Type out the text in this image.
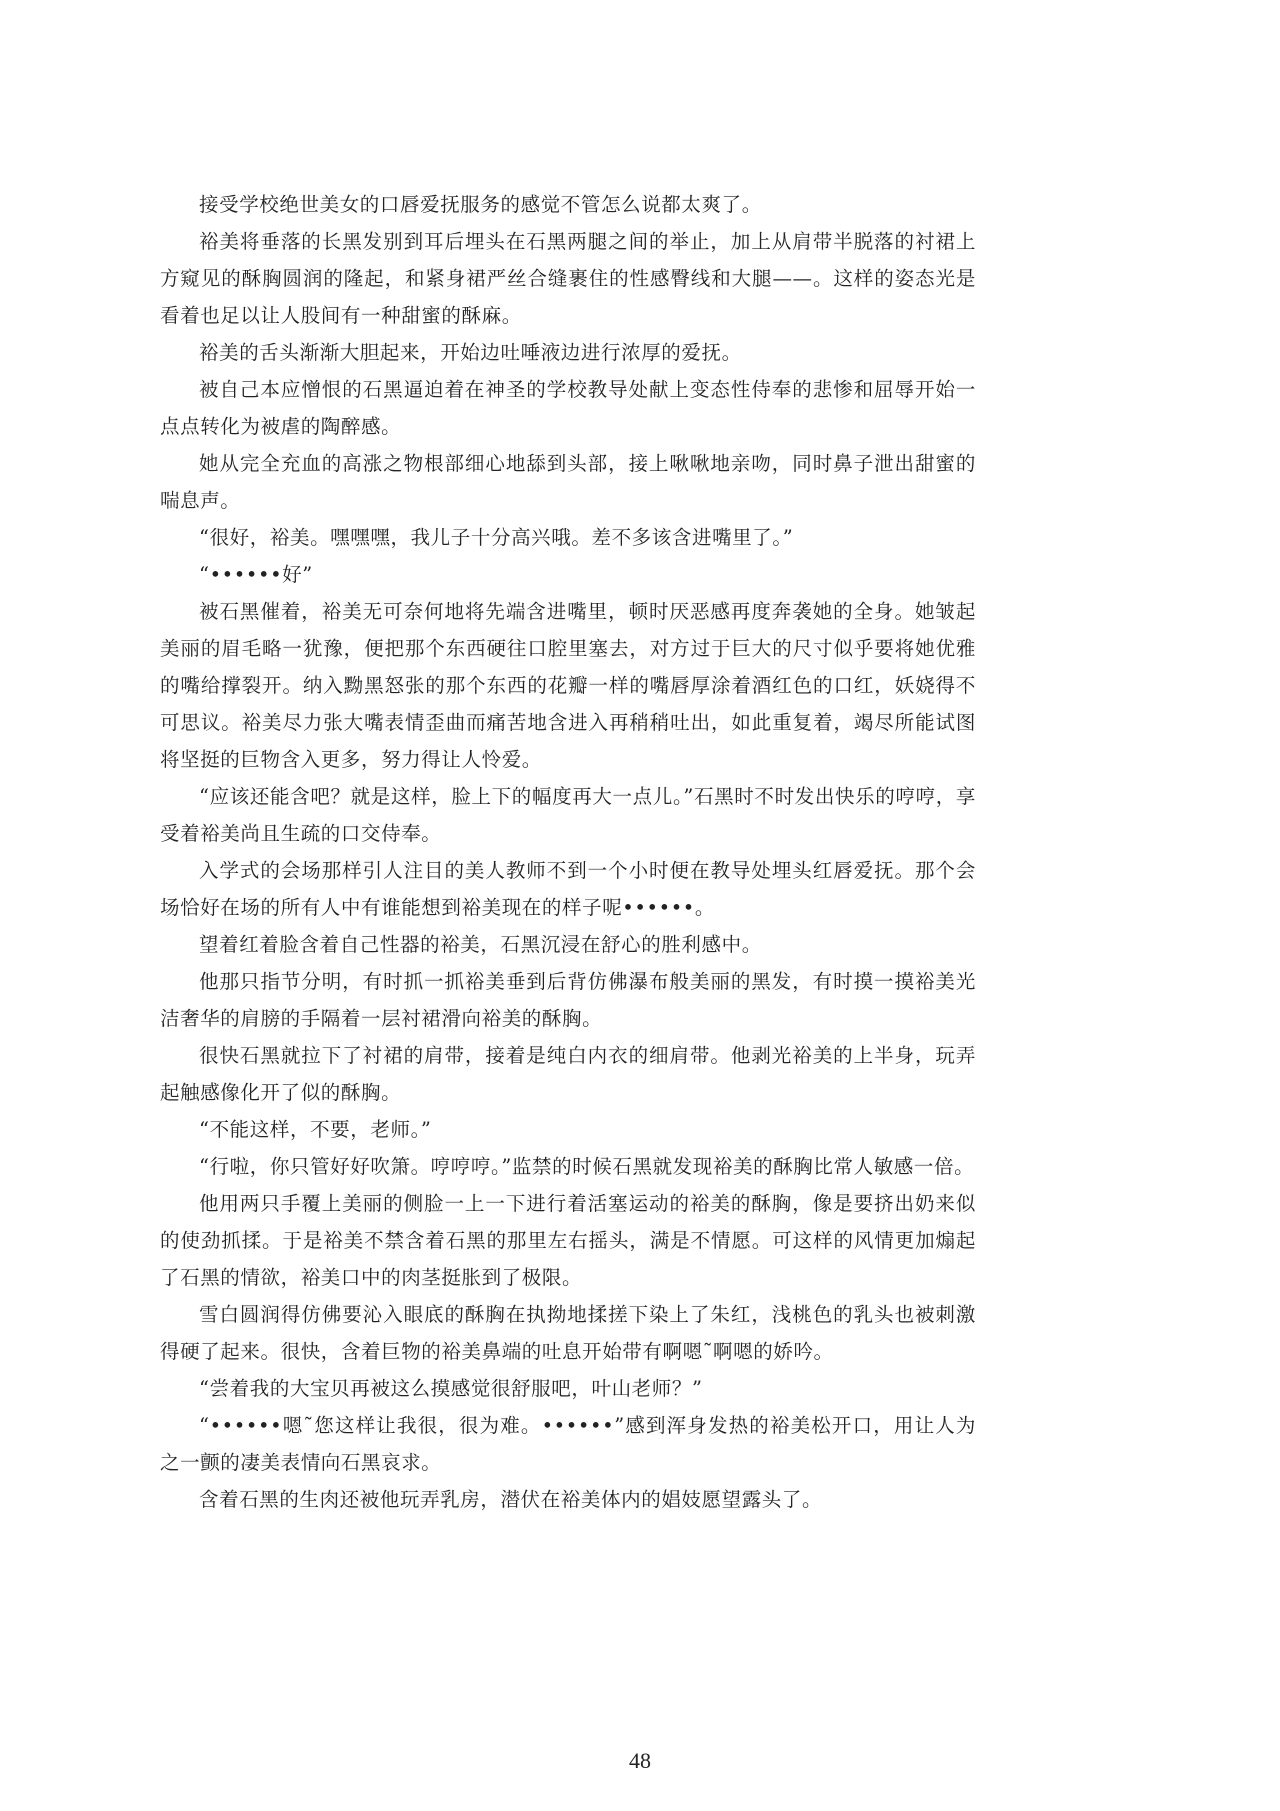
接受学校绝世美女的口唇爱抚服务的感觉不管怎么说都太爽了。

裕美将垂落的长黑发别到耳后埋头在石黑两腿之间的举止，加上从肩带半脱落的衬裙上方窥见的酥胸圆润的隆起，和紧身裙严丝合缝裹住的性感臀线和大腿——。这样的姿态光是看着也足以让人股间有一种甜蜜的酥麻。

裕美的舌头渐渐大胆起来，开始边吐唾液边进行浓厚的爱抚。

被自己本应憎恨的石黑逼迫着在神圣的学校教导处献上变态性侍奉的悲惨和屈辱开始一点点转化为被虐的陶醉感。

她从完全充血的高涨之物根部细心地舔到头部，接上啾啾地亲吻，同时鼻子泄出甜蜜的喘息声。

“很好，裕美。嘿嘿嘿，我儿子十分高兴哦。差不多该含进嘴里了。”

“••••••好”

被石黑催着，裕美无可奈何地将先端含进嘴里，顿时厌恶感再度奔袭她的全身。她皱起美丽的眉毛略一犹豫，便把那个东西硬往口腔里塞去，对方过于巨大的尺寸似乎要将她优雅的嘴给撑裂开。纳入黝黑怒张的那个东西的花瓣一样的嘴唇厚涂着酒红色的口红，妖娆得不可思议。裕美尽力张大嘴表情歪曲而痛苦地含进入再稍稍吐出，如此重复着，竭尽所能试图将坚挺的巨物含入更多，努力得让人怜爱。

“应该还能含吧？就是这样，脸上下的幅度再大一点儿。”石黑时不时发出快乐的哼哼，享受着裕美尚且生疏的口交侍奉。

入学式的会场那样引人注目的美人教师不到一个小时便在教导处埋头红唇爱抚。那个会场恰好在场的所有人中有谁能想到裕美现在的样子呢••••••。

望着红着脸含着自己性器的裕美，石黑沉浸在舒心的胜利感中。

他那只指节分明，有时抓一抓裕美垂到后背仿佛瀑布般美丽的黑发，有时摸一摸裕美光洁奢华的肩膀的手隔着一层衬裙滑向裕美的酥胸。

很快石黑就拉下了衬裙的肩带，接着是纯白内衣的细肩带。他剥光裕美的上半身，玩弄起触感像化开了似的酥胸。

“不能这样，不要，老师。”

“行啦，你只管好好吹箫。哼哼哼。”监禁的时候石黑就发现裕美的酥胸比常人敏感一倍。

他用两只手覆上美丽的侧脸一上一下进行着活塞运动的裕美的酥胸，像是要挤出奶来似的使劲抓揉。于是裕美不禁含着石黑的那里左右摇头，满是不情愿。可这样的风情更加煽起了石黑的情欲，裕美口中的肉茎挺胀到了极限。

雪白圆润得仿佛要沁入眼底的酥胸在执拗地揉搓下染上了朱红，浅桃色的乳头也被刺激得硬了起来。很快，含着巨物的裕美鼻端的吐息开始带有啊嗯˜啊嗯的娇吟。

“尝着我的大宝贝再被这么摸感觉很舒服吧，叶山老师？”

“••••••嗯˜您这样让我很，很为难。••••••”感到浑身发热的裕美松开口，用让人为之一颤的凄美表情向石黑哀求。

含着石黑的生肉还被他玩弄乳房，潜伏在裕美体内的娼妓愿望露头了。

48
